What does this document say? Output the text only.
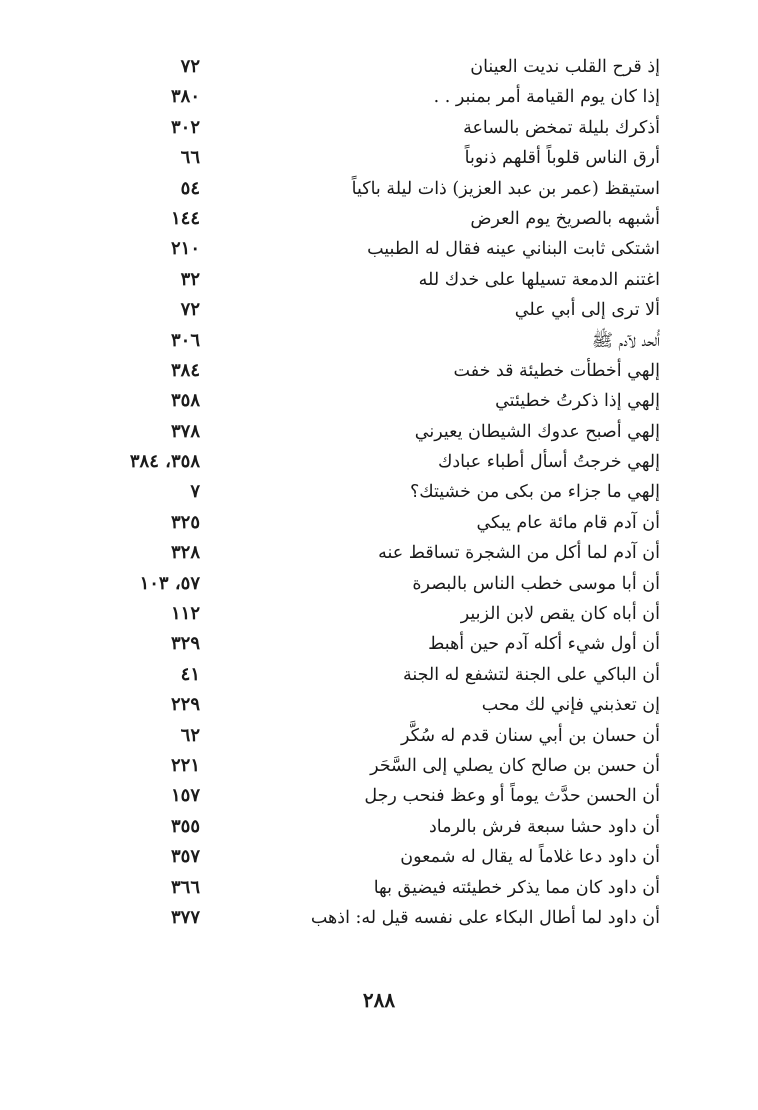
إذ قرح القلب نديت العينان
٧٢
إذا كان يوم القيامة أمر بمنبر . .
٣٨٠
أذكرك بليلة تمخض بالساعة
٣٠٢
أرق الناس قلوباً أقلهم ذنوباً
٦٦
استيقظ (عمر بن عبد العزيز) ذات ليلة باكياً
٥٤
أشبهه بالصريخ يوم العرض
١٤٤
اشتكى ثابت البناني عينه فقال له الطبيب
٢١٠
اغتنم الدمعة تسيلها على خدك لله
٣٢
ألا ترى إلى أبي علي
٧٢
أُلحد لآدم ﷺ
٣٠٦
إلهي أخطأت خطيئة قد خفت
٣٨٤
إلهي إذا ذكرتُ خطيئتي
٣٥٨
إلهي أصبح عدوك الشيطان يعيرني
٣٧٨
إلهي خرجتُ أسأل أطباء عبادك
٣٥٨، ٣٨٤
إلهي ما جزاء من بكى من خشيتك؟
٧
أن آدم قام مائة عام يبكي
٣٢٥
أن آدم لما أكل من الشجرة تساقط عنه
٣٢٨
أن أبا موسى خطب الناس بالبصرة
٥٧، ١٠٣
أن أباه كان يقص لابن الزبير
١١٢
أن أول شيء أكله آدم حين أهبط
٣٢٩
أن الباكي على الجنة لتشفع له الجنة
٤١
إن تعذبني فإني لك محب
٢٢٩
أن حسان بن أبي سنان قدم له سُكَّر
٦٢
أن حسن بن صالح كان يصلي إلى السَّحَر
٢٢١
أن الحسن حدَّث يوماً أو وعظ فنحب رجل
١٥٧
أن داود حشا سبعة فرش بالرماد
٣٥٥
أن داود دعا غلاماً له يقال له شمعون
٣٥٧
أن داود كان مما يذكر خطيئته فيضيق بها
٣٦٦
أن داود لما أطال البكاء على نفسه قيل له: اذهب
٣٧٧
٢٨٨
